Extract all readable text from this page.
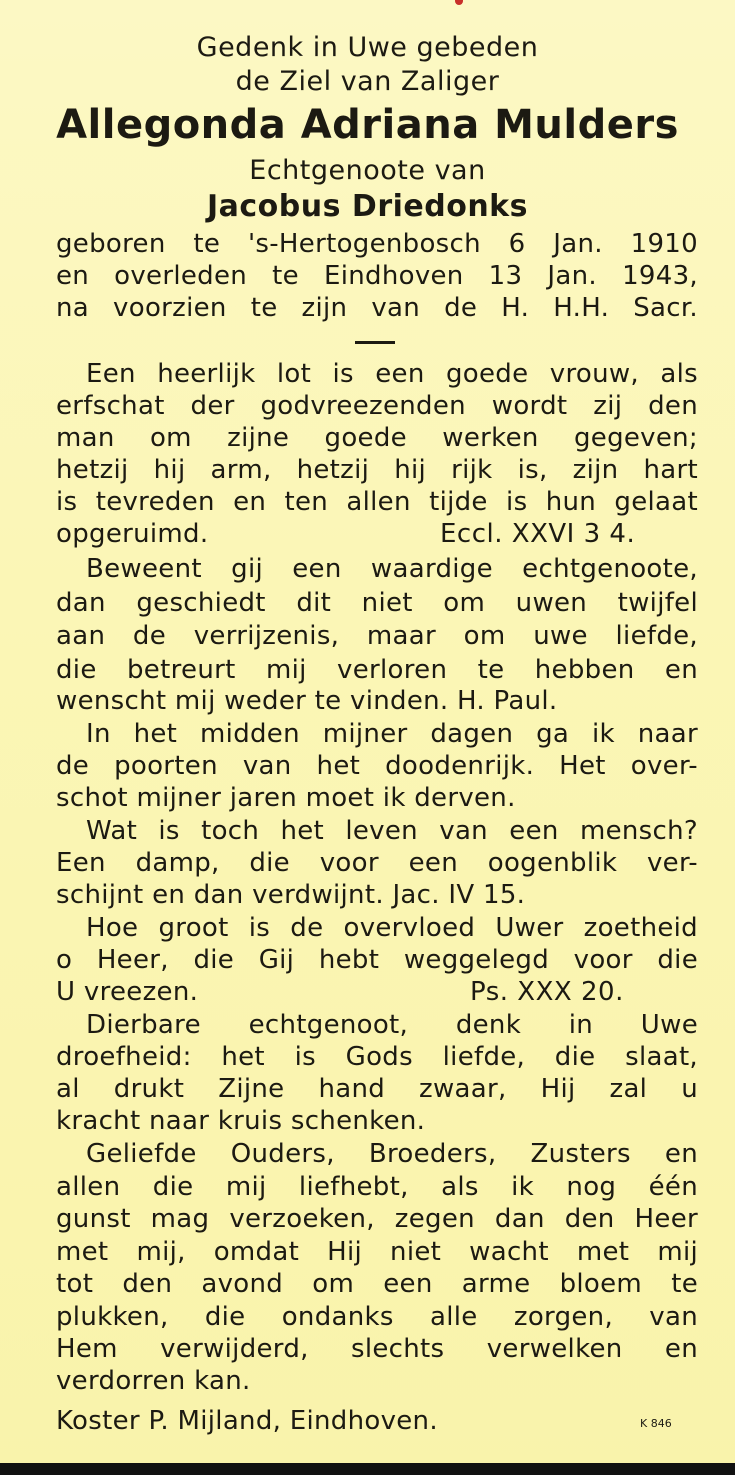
Gedenk in Uwe gebeden
de Ziel van Zaliger
Allegonda Adriana Mulders
Echtgenoote van
Jacobus Driedonks
geboren te 's-Hertogenbosch 6 Jan. 1910
en overleden te Eindhoven 13 Jan. 1943,
na voorzien te zijn van de H. H.H. Sacr.
Een heerlijk lot is een goede vrouw, als
erfschat der godvreezenden wordt zij den
man om zijne goede werken gegeven;
hetzij hij arm, hetzij hij rijk is, zijn hart
is tevreden en ten allen tijde is hun gelaat
opgeruimd.	Eccl. XXVI 3 4.
Beweent gij een waardige echtgenoote,
dan geschiedt dit niet om uwen twijfel
aan de verrijzenis, maar om uwe liefde,
die betreurt mij verloren te hebben en
wenscht mij weder te vinden. H. Paul.
In het midden mijner dagen ga ik naar
de poorten van het doodenrijk. Het over-
schot mijner jaren moet ik derven.
Wat is toch het leven van een mensch?
Een damp, die voor een oogenblik ver-
schijnt en dan verdwijnt. Jac. IV 15.
Hoe groot is de overvloed Uwer zoetheid
o Heer, die Gij hebt weggelegd voor die
U vreezen.	Ps. XXX 20.
Dierbare echtgenoot, denk in Uwe
droefheid: het is Gods liefde, die slaat,
al drukt Zijne hand zwaar, Hij zal u
kracht naar kruis schenken.
Geliefde Ouders, Broeders, Zusters en
allen die mij liefhebt, als ik nog één
gunst mag verzoeken, zegen dan den Heer
met mij, omdat Hij niet wacht met mij
tot den avond om een arme bloem te
plukken, die ondanks alle zorgen, van
Hem verwijderd, slechts verwelken en
verdorren kan.
Koster P. Mijland, Eindhoven.	K 846
